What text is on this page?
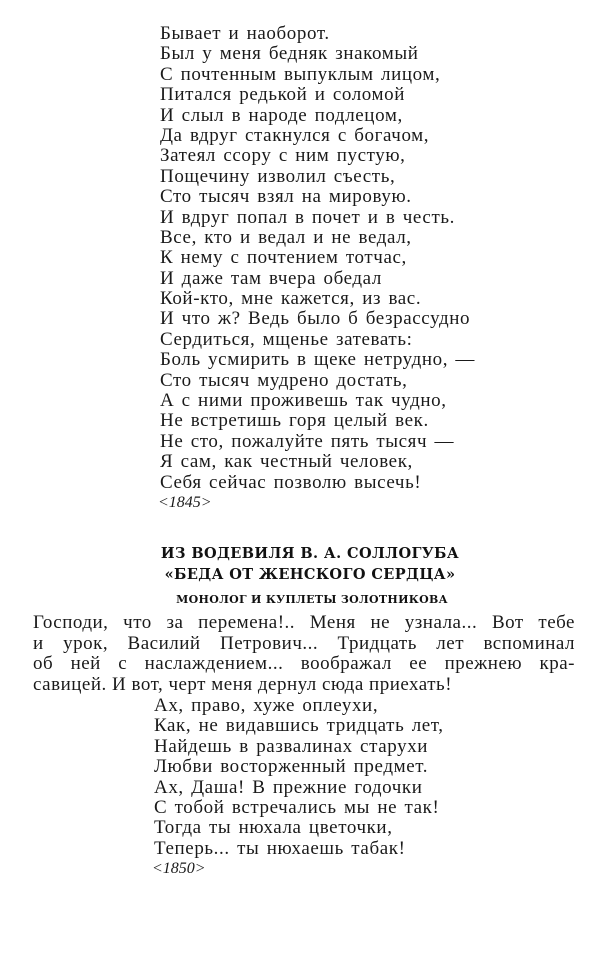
Бывает и наоборот.
Был у меня бедняк знакомый
С почтенным выпуклым лицом,
Питался редькой и соломой
И слыл в народе подлецом,
Да вдруг стакнулся с богачом,
Затеял ссору с ним пустую,
Пощечину изволил съесть,
Сто тысяч взял на мировую.
И вдруг попал в почет и в честь.
Все, кто и ведал и не ведал,
К нему с почтением тотчас,
И даже там вчера обедал
Кой-кто, мне кажется, из вас.
И что ж? Ведь было б безрассудно
Сердиться, мщенье затевать:
Боль усмирить в щеке нетрудно, —
Сто тысяч мудрено достать,
А с ними проживешь так чудно,
Не встретишь горя целый век.
Не сто, пожалуйте пять тысяч —
Я сам, как честный человек,
Себя сейчас позволю высечь!
<1845>
ИЗ ВОДЕВИЛЯ В. А. СОЛЛОГУБА
«БЕДА ОТ ЖЕНСКОГО СЕРДЦА»
МОНОЛОГ И КУПЛЕТЫ ЗОЛОТНИКОВА
Господи, что за перемена!.. Меня не узнала... Вот тебе
и урок, Василий Петрович... Тридцать лет вспоминал
об ней с наслаждением... воображал ее прежнею кра-
савицей. И вот, черт меня дернул сюда приехать!
Ах, право, хуже оплеухи,
Как, не видавшись тридцать лет,
Найдешь в развалинах старухи
Любви восторженный предмет.
Ах, Даша! В прежние годочки
С тобой встречались мы не так!
Тогда ты нюхала цветочки,
Теперь... ты нюхаешь табак!
<1850>
